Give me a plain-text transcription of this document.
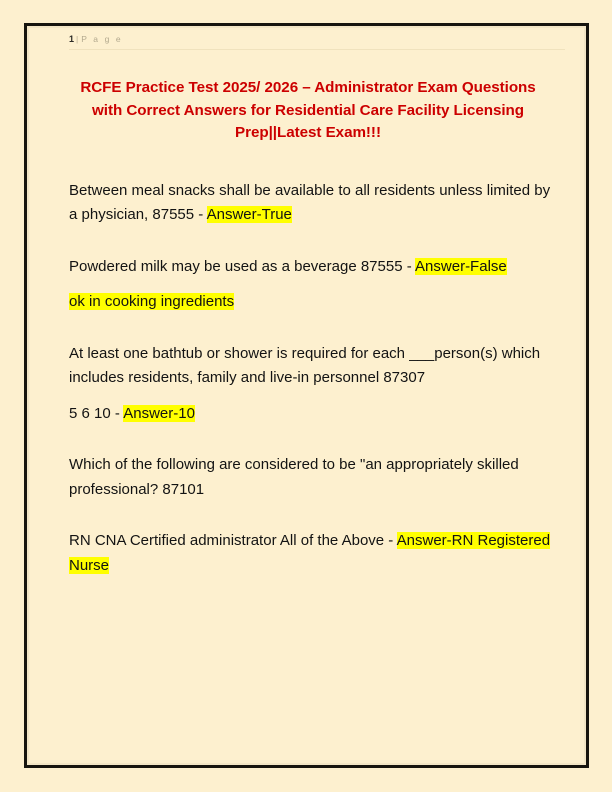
1 | P a g e
RCFE Practice Test 2025/ 2026 – Administrator Exam Questions with Correct Answers for Residential Care Facility Licensing Prep||Latest Exam!!!

Between meal snacks shall be available to all residents unless limited by a physician, 87555 - Answer-True

Powdered milk may be used as a beverage 87555 - Answer-False

ok in cooking ingredients

At least one bathtub or shower is required for each ___person(s) which includes residents, family and live-in personnel 87307

5 6 10 - Answer-10

Which of the following are considered to be "an appropriately skilled professional? 87101

RN CNA Certified administrator All of the Above - Answer-RN Registered Nurse
